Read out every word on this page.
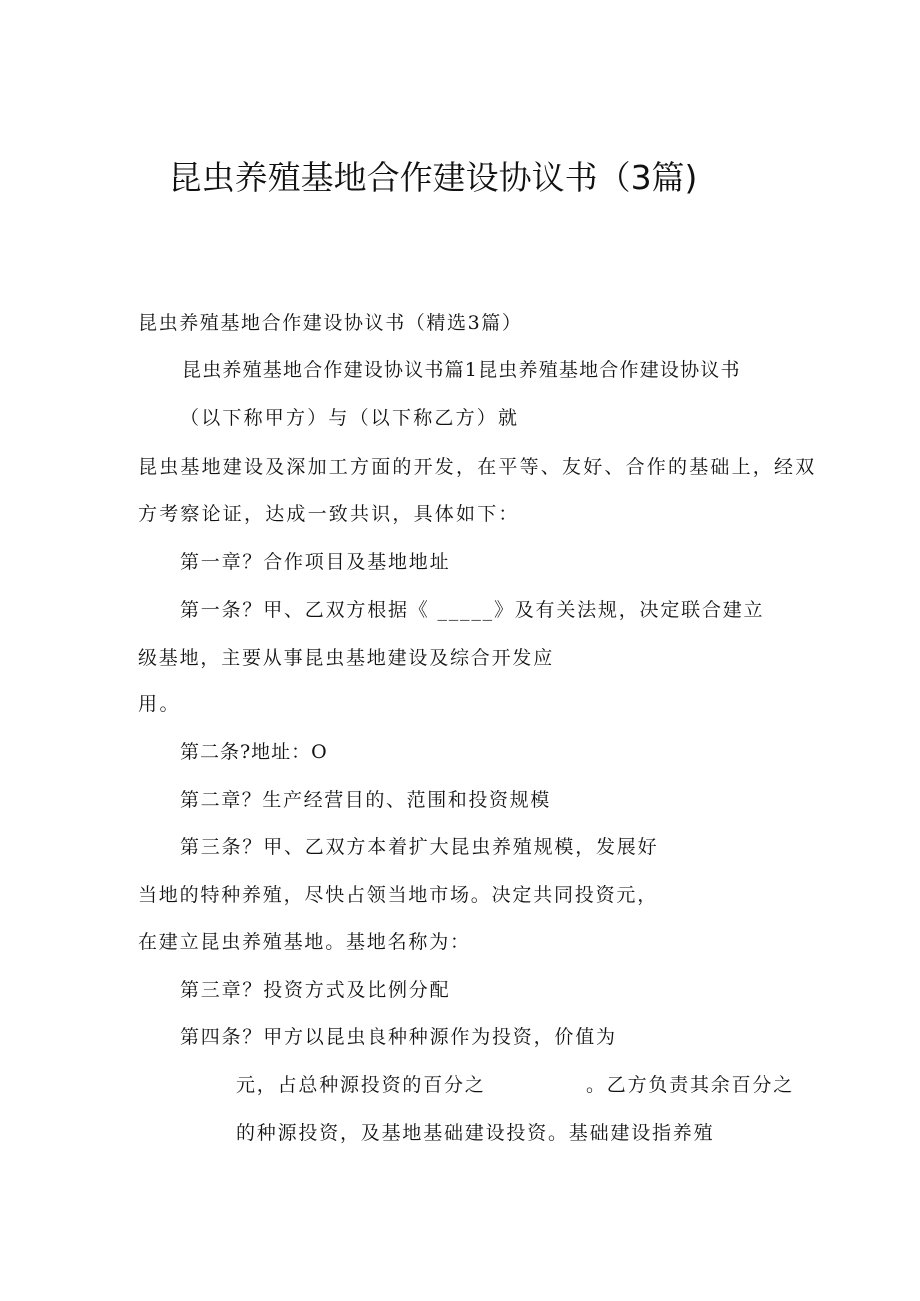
昆虫养殖基地合作建设协议书（3篇)
昆虫养殖基地合作建设协议书（精选3篇）
昆虫养殖基地合作建设协议书篇1昆虫养殖基地合作建设协议书
（以下称甲方）与（以下称乙方）就
昆虫基地建设及深加工方面的开发，在平等、友好、合作的基础上，经双
方考察论证，达成一致共识，具体如下：
第一章？合作项目及基地地址
第一条？甲、乙双方根据《 _____》及有关法规，决定联合建立
级基地，主要从事昆虫基地建设及综合开发应
用。
第二条?地址：O
第二章？生产经营目的、范围和投资规模
第三条？甲、乙双方本着扩大昆虫养殖规模，发展好
当地的特种养殖，尽快占领当地市场。决定共同投资元，
在建立昆虫养殖基地。基地名称为：
第三章？投资方式及比例分配
第四条？甲方以昆虫良种种源作为投资，价值为
元，占总种源投资的百分之	。乙方负责其余百分之
的种源投资，及基地基础建设投资。基础建设指养殖
